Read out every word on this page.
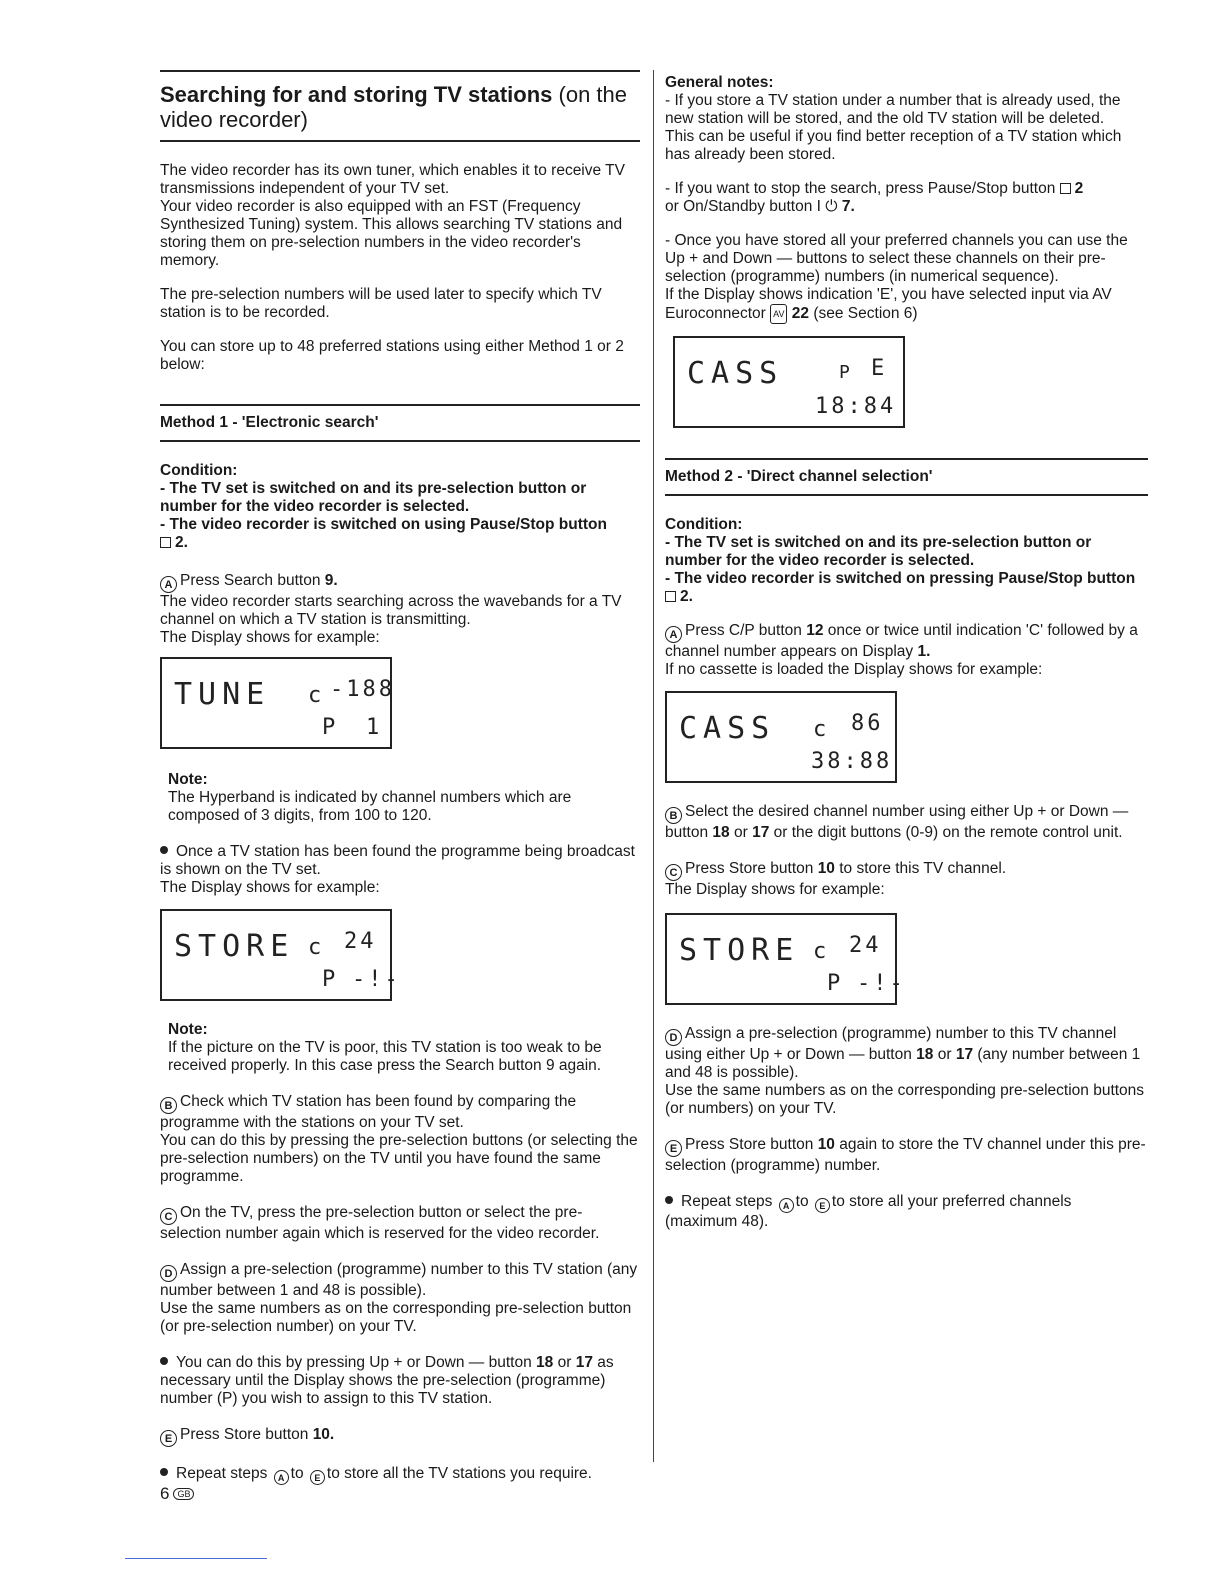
Searching for and storing TV stations (on the video recorder)

The video recorder has its own tuner, which enables it to receive TV transmissions independent of your TV set.

Your video recorder is also equipped with an FST (Frequency Synthesized Tuning) system. This allows searching TV stations and storing them on pre-selection numbers in the video recorder's memory.

The pre-selection numbers will be used later to specify which TV station is to be recorded.

You can store up to 48 preferred stations using either Method 1 or 2 below:

Method 1 - 'Electronic search'

Condition:

- The TV set is switched on and its pre-selection button or number for the video recorder is selected.

- The video recorder is switched on using Pause/Stop button
2.

A Press Search button 9.

The video recorder starts searching across the wavebands for a TV channel on which a TV station is transmitting.

The Display shows for example:

TUNE c -188
P 1

Note:

The Hyperband is indicated by channel numbers which are composed of 3 digits, from 100 to 120.

Once a TV station has been found the programme being broadcast is shown on the TV set.

The Display shows for example:

STORE c 24
P -!-

Note:

If the picture on the TV is poor, this TV station is too weak to be received properly. In this case press the Search button 9 again.

B Check which TV station has been found by comparing the programme with the stations on your TV set.

You can do this by pressing the pre-selection buttons (or selecting the pre-selection numbers) on the TV until you have found the same programme.

C On the TV, press the pre-selection button or select the pre-selection number again which is reserved for the video recorder.

D Assign a pre-selection (programme) number to this TV station (any number between 1 and 48 is possible).

Use the same numbers as on the corresponding pre-selection button (or pre-selection number) on your TV.

You can do this by pressing Up + or Down — button 18 or 17 as necessary until the Display shows the pre-selection (programme) number (P) you wish to assign to this TV station.

E Press Store button 10.

Repeat steps A to E to store all the TV stations you require.

6 GB

General notes:

- If you store a TV station under a number that is already used, the new station will be stored, and the old TV station will be deleted.

This can be useful if you find better reception of a TV station which has already been stored.

- If you want to stop the search, press Pause/Stop button 2
or On/Standby button I ⏻ 7.

- Once you have stored all your preferred channels you can use the Up + and Down — buttons to select these channels on their pre-selection (programme) numbers (in numerical sequence).

If the Display shows indication 'E', you have selected input via AV Euroconnector AV 22 (see Section 6)

CASS	P E
18:84
Method 2 - 'Direct channel selection'

Condition:

- The TV set is switched on and its pre-selection button or number for the video recorder is selected.

- The video recorder is switched on pressing Pause/Stop button
2.

A Press C/P button 12 once or twice until indication 'C' followed by a channel number appears on Display 1.

If no cassette is loaded the Display shows for example:

CASS c 86
38:88

B Select the desired channel number using either Up + or Down — button 18 or 17 or the digit buttons (0-9) on the remote control unit.

C Press Store button 10 to store this TV channel.

The Display shows for example:

STORE c 24
P -!-

D Assign a pre-selection (programme) number to this TV channel using either Up + or Down — button 18 or 17 (any number between 1 and 48 is possible).

Use the same numbers as on the corresponding pre-selection buttons (or numbers) on your TV.

E Press Store button 10 again to store the TV channel under this pre-selection (programme) number.

Repeat steps A to E to store all your preferred channels (maximum 48).
